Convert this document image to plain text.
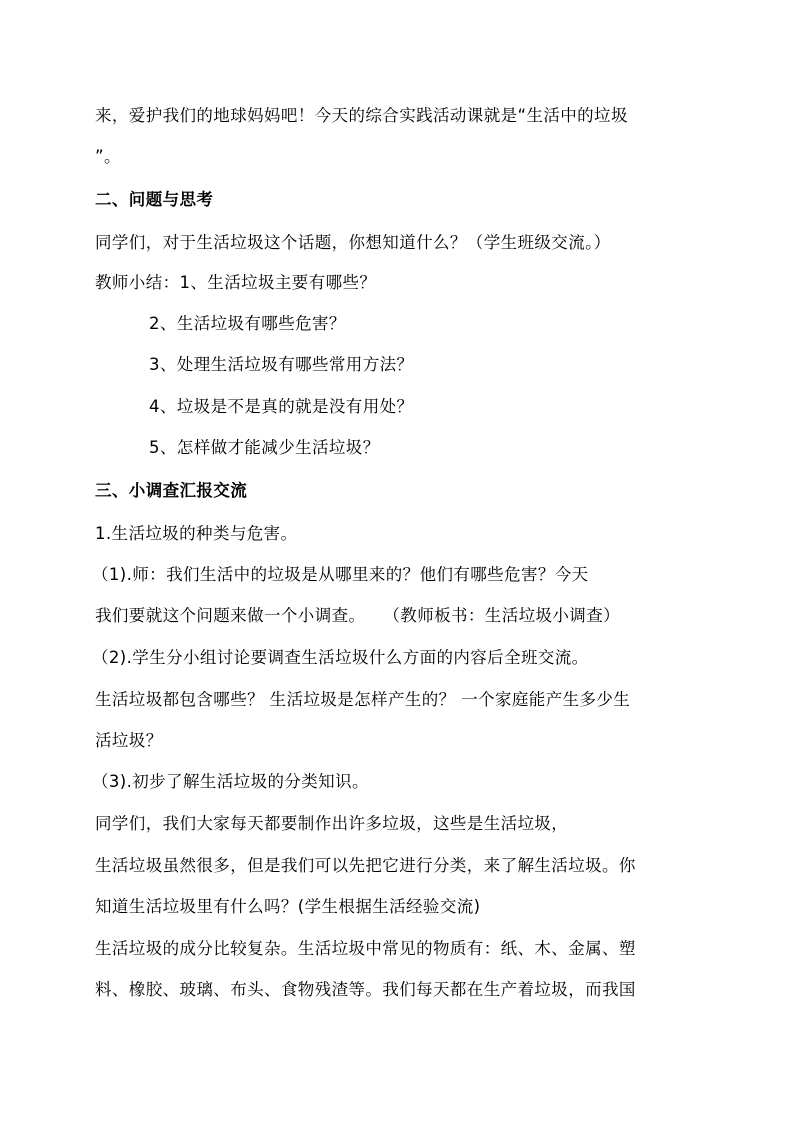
来，爱护我们的地球妈妈吧！今天的综合实践活动课就是“生活中的垃圾
”。
二、问题与思考
同学们，对于生活垃圾这个话题，你想知道什么？（学生班级交流。）
教师小结：1、生活垃圾主要有哪些？
2、生活垃圾有哪些危害？
3、处理生活垃圾有哪些常用方法？
4、垃圾是不是真的就是没有用处？
5、怎样做才能减少生活垃圾？
三、小调查汇报交流
1.生活垃圾的种类与危害。
（1).师：我们生活中的垃圾是从哪里来的？他们有哪些危害？今天
我们要就这个问题来做一个小调查。 （教师板书：生活垃圾小调查）
（2).学生分小组讨论要调查生活垃圾什么方面的内容后全班交流。
生活垃圾都包含哪些？ 生活垃圾是怎样产生的？ 一个家庭能产生多少生
活垃圾？
（3).初步了解生活垃圾的分类知识。
同学们，我们大家每天都要制作出许多垃圾，这些是生活垃圾，
生活垃圾虽然很多，但是我们可以先把它进行分类，来了解生活垃圾。你
知道生活垃圾里有什么吗？(学生根据生活经验交流)
生活垃圾的成分比较复杂。生活垃圾中常见的物质有：纸、木、金属、塑
料、橡胶、玻璃、布头、食物残渣等。我们每天都在生产着垃圾，而我国
